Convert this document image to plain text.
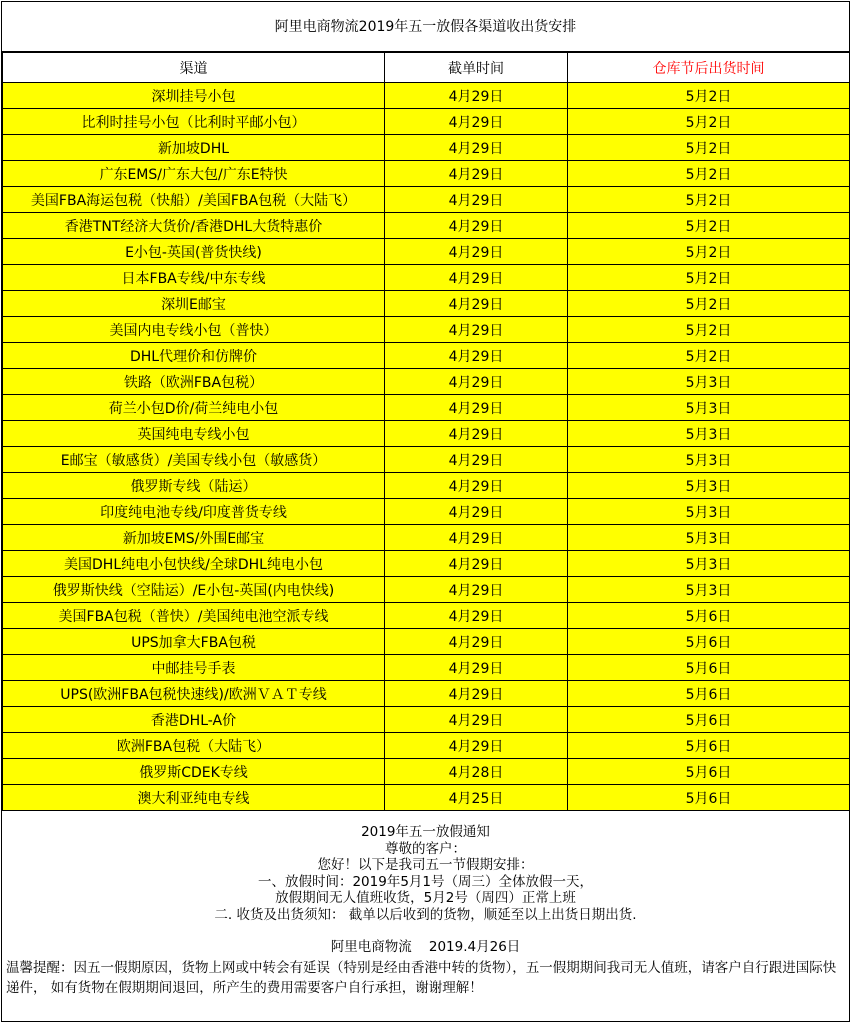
阿里电商物流2019年五一放假各渠道收出货安排
渠道	截单时间	仓库节后出货时间
深圳挂号小包	4月29日	5月2日
比利时挂号小包（比利时平邮小包）	4月29日	5月2日
新加坡DHL	4月29日	5月2日
广东EMS/广东大包/广东E特快	4月29日	5月2日
美国FBA海运包税（快船）/美国FBA包税（大陆飞）	4月29日	5月2日
香港TNT经济大货价/香港DHL大货特惠价	4月29日	5月2日
E小包-英国(普货快线)	4月29日	5月2日
日本FBA专线/中东专线	4月29日	5月2日
深圳E邮宝	4月29日	5月2日
美国内电专线小包（普快）	4月29日	5月2日
DHL代理价和仿牌价	4月29日	5月2日
铁路（欧洲FBA包税）	4月29日	5月3日
荷兰小包D价/荷兰纯电小包	4月29日	5月3日
英国纯电专线小包	4月29日	5月3日
E邮宝（敏感货）/美国专线小包（敏感货）	4月29日	5月3日
俄罗斯专线（陆运）	4月29日	5月3日
印度纯电池专线/印度普货专线	4月29日	5月3日
新加坡EMS/外围E邮宝	4月29日	5月3日
美国DHL纯电小包快线/全球DHL纯电小包	4月29日	5月3日
俄罗斯快线（空陆运）/E小包-英国(内电快线)	4月29日	5月3日
美国FBA包税（普快）/美国纯电池空派专线	4月29日	5月6日
UPS加拿大FBA包税	4月29日	5月6日
中邮挂号手表	4月29日	5月6日
UPS(欧洲FBA包税快速线)/欧洲ＶＡＴ专线	4月29日	5月6日
香港DHL-A价	4月29日	5月6日
欧洲FBA包税（大陆飞）	4月29日	5月6日
俄罗斯CDEK专线	4月28日	5月6日
澳大利亚纯电专线	4月25日	5月6日
2019年五一放假通知
尊敬的客户：
您好！以下是我司五一节假期安排：
一、放假时间：2019年5月1号（周三）全体放假一天，
放假期间无人值班收货，5月2号（周四）正常上班
二. 收货及出货须知： 截单以后收到的货物，顺延至以上出货日期出货.
阿里电商物流    2019.4月26日
温馨提醒：因五一假期原因，货物上网或中转会有延误（特别是经由香港中转的货物），五一假期期间我司无人值班，请客户自行跟进国际快递件， 如有货物在假期期间退回，所产生的费用需要客户自行承担，谢谢理解！
